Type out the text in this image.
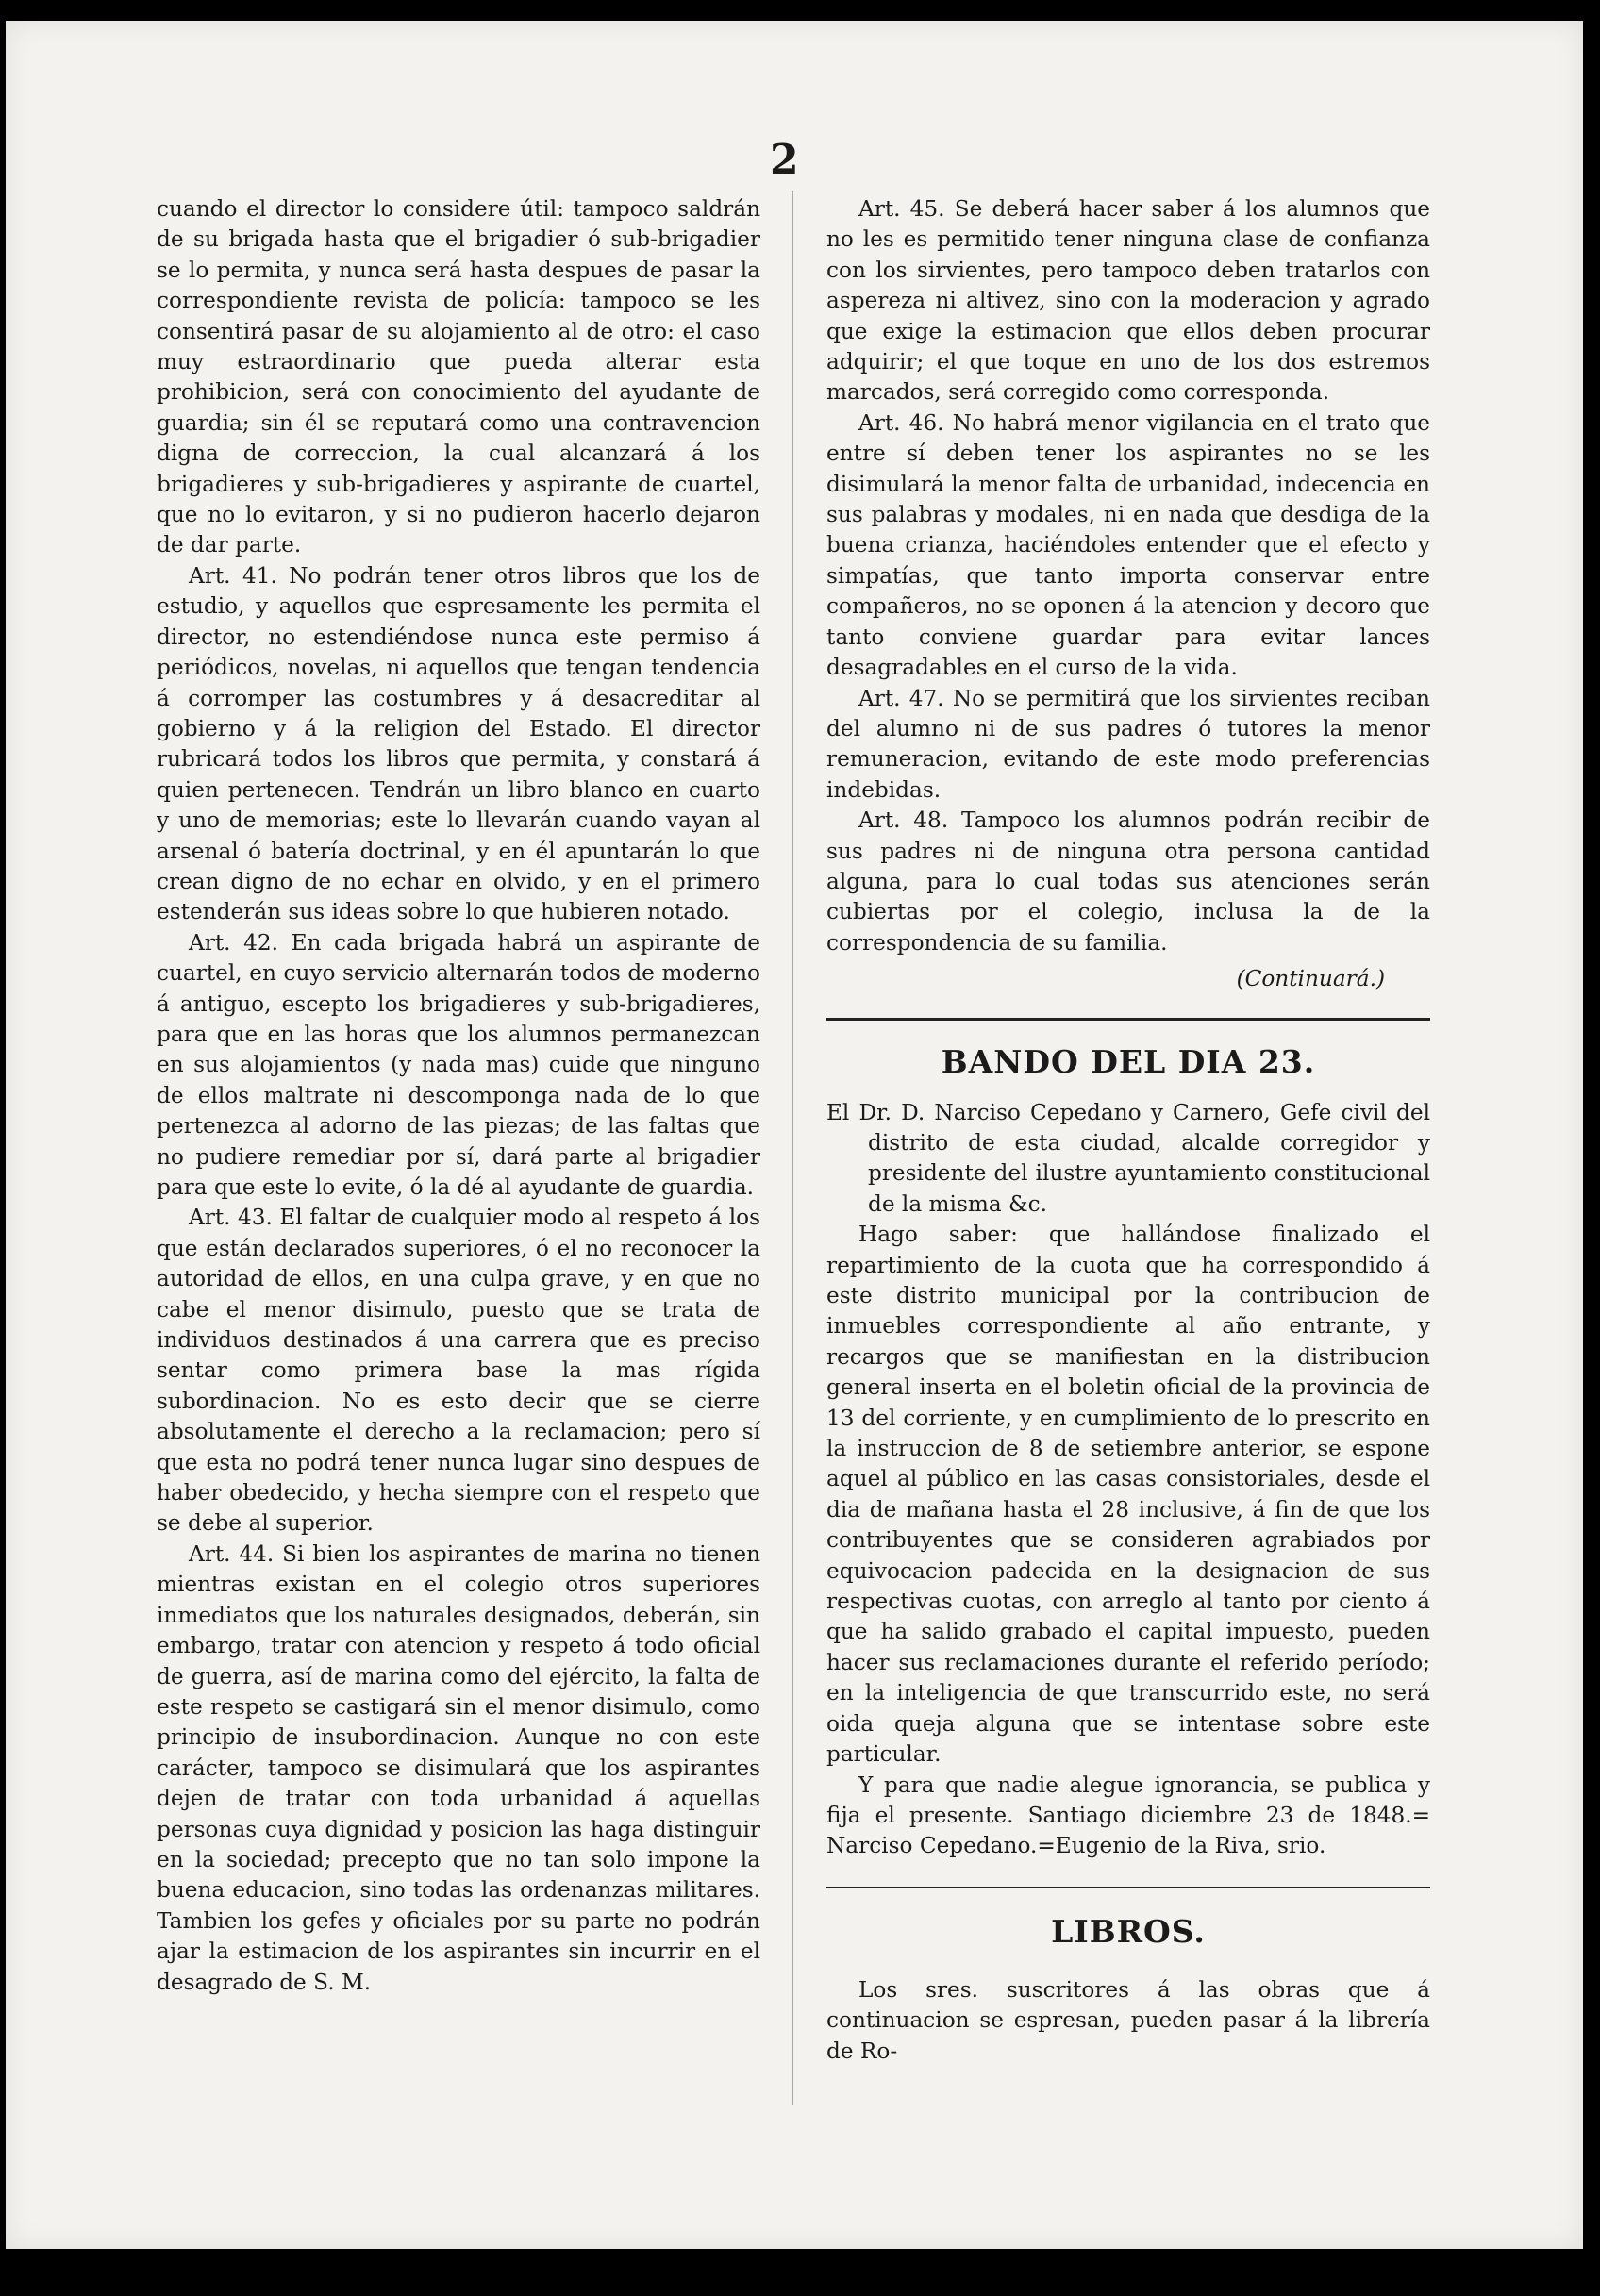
2

cuando el director lo considere útil: tampoco saldrán de su brigada hasta que el brigadier ó sub-brigadier se lo permita, y nunca será hasta despues de pasar la correspondiente revista de policía: tampoco se les consentirá pasar de su alojamiento al de otro: el caso muy estraordinario que pueda alterar esta prohibicion, será con conocimiento del ayudante de guardia; sin él se reputará como una contravencion digna de correccion, la cual alcanzará á los brigadieres y sub-brigadieres y aspirante de cuartel, que no lo evitaron, y si no pudieron hacerlo dejaron de dar parte.

Art. 41. No podrán tener otros libros que los de estudio, y aquellos que espresamente les permita el director, no estendiéndose nunca este permiso á periódicos, novelas, ni aquellos que tengan tendencia á corromper las costumbres y á desacreditar al gobierno y á la religion del Estado. El director rubricará todos los libros que permita, y constará á quien pertenecen. Tendrán un libro blanco en cuarto y uno de memorias; este lo llevarán cuando vayan al arsenal ó batería doctrinal, y en él apuntarán lo que crean digno de no echar en olvido, y en el primero estenderán sus ideas sobre lo que hubieren notado.

Art. 42. En cada brigada habrá un aspirante de cuartel, en cuyo servicio alternarán todos de moderno á antiguo, escepto los brigadieres y sub-brigadieres, para que en las horas que los alumnos permanezcan en sus alojamientos (y nada mas) cuide que ninguno de ellos maltrate ni descomponga nada de lo que pertenezca al adorno de las piezas; de las faltas que no pudiere remediar por sí, dará parte al brigadier para que este lo evite, ó la dé al ayudante de guardia.

Art. 43. El faltar de cualquier modo al respeto á los que están declarados superiores, ó el no reconocer la autoridad de ellos, en una culpa grave, y en que no cabe el menor disimulo, puesto que se trata de individuos destinados á una carrera que es preciso sentar como primera base la mas rígida subordinacion. No es esto decir que se cierre absolutamente el derecho a la reclamacion; pero sí que esta no podrá tener nunca lugar sino despues de haber obedecido, y hecha siempre con el respeto que se debe al superior.

Art. 44. Si bien los aspirantes de marina no tienen mientras existan en el colegio otros superiores inmediatos que los naturales designados, deberán, sin embargo, tratar con atencion y respeto á todo oficial de guerra, así de marina como del ejército, la falta de este respeto se castigará sin el menor disimulo, como principio de insubordinacion. Aunque no con este carácter, tampoco se disimulará que los aspirantes dejen de tratar con toda urbanidad á aquellas personas cuya dignidad y posicion las haga distinguir en la sociedad; precepto que no tan solo impone la buena educacion, sino todas las ordenanzas militares. Tambien los gefes y oficiales por su parte no podrán ajar la estimacion de los aspirantes sin incurrir en el desagrado de S. M.

Art. 45. Se deberá hacer saber á los alumnos que no les es permitido tener ninguna clase de confianza con los sirvientes, pero tampoco deben tratarlos con aspereza ni altivez, sino con la moderacion y agrado que exige la estimacion que ellos deben procurar adquirir; el que toque en uno de los dos estremos marcados, será corregido como corresponda.

Art. 46. No habrá menor vigilancia en el trato que entre sí deben tener los aspirantes no se les disimulará la menor falta de urbanidad, indecencia en sus palabras y modales, ni en nada que desdiga de la buena crianza, haciéndoles entender que el efecto y simpatías, que tanto importa conservar entre compañeros, no se oponen á la atencion y decoro que tanto conviene guardar para evitar lances desagradables en el curso de la vida.

Art. 47. No se permitirá que los sirvientes reciban del alumno ni de sus padres ó tutores la menor remuneracion, evitando de este modo preferencias indebidas.

Art. 48. Tampoco los alumnos podrán recibir de sus padres ni de ninguna otra persona cantidad alguna, para lo cual todas sus atenciones serán cubiertas por el colegio, inclusa la de la correspondencia de su familia.

(Continuará.)

BANDO DEL DIA 23.

El Dr. D. Narciso Cepedano y Carnero, Gefe civil del distrito de esta ciudad, alcalde corregidor y presidente del ilustre ayuntamiento constitucional de la misma &c.

Hago saber: que hallándose finalizado el repartimiento de la cuota que ha correspondido á este distrito municipal por la contribucion de inmuebles correspondiente al año entrante, y recargos que se manifiestan en la distribucion general inserta en el boletin oficial de la provincia de 13 del corriente, y en cumplimiento de lo prescrito en la instruccion de 8 de setiembre anterior, se espone aquel al público en las casas consistoriales, desde el dia de mañana hasta el 28 inclusive, á fin de que los contribuyentes que se consideren agrabiados por equivocacion padecida en la designacion de sus respectivas cuotas, con arreglo al tanto por ciento á que ha salido grabado el capital impuesto, pueden hacer sus reclamaciones durante el referido período; en la inteligencia de que transcurrido este, no será oida queja alguna que se intentase sobre este particular.

Y para que nadie alegue ignorancia, se publica y fija el presente. Santiago diciembre 23 de 1848.= Narciso Cepedano.=Eugenio de la Riva, srio.

LIBROS.

Los sres. suscritores á las obras que á continuacion se espresan, pueden pasar á la librería de Ro-
